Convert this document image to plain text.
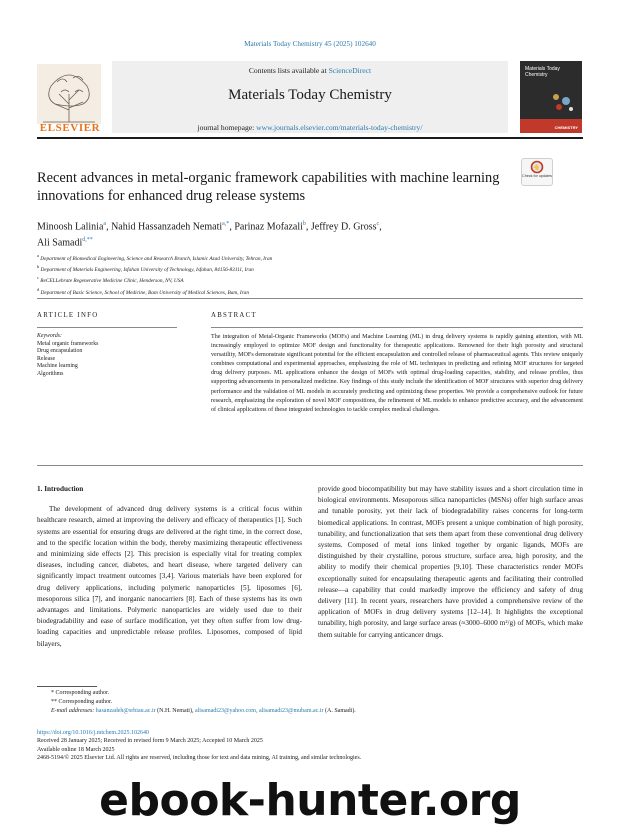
Materials Today Chemistry 45 (2025) 102640
ELSEVIER
Contents lists available at ScienceDirect
Materials Today Chemistry
journal homepage: www.journals.elsevier.com/materials-today-chemistry/
Materials Today Chemistry
CHEMISTRY
Recent advances in metal-organic framework capabilities with machine learning innovations for enhanced drug release systems
Check for updates
Minoosh Lalinia$^a$, Nahid Hassanzadeh Nemati$^{a,*}$, Parinaz Mofazali$^b$, Jeffrey D. Gross$^c$,
Ali Samadi$^{d,**}$
$^a$ Department of Biomedical Engineering, Science and Research Branch, Islamic Azad University, Tehran, Iran
$^b$ Department of Materials Engineering, Isfahan University of Technology, Isfahan, 84156-83111, Iran
$^c$ ReCELLebrate Regenerative Medicine Clinic, Henderson, NV, USA
$^d$ Department of Basic Science, School of Medicine, Bam University of Medical Sciences, Bam, Iran
ARTICLE INFO	ABSTRACT
Keywords:
Metal organic frameworks
Drug encapsulation
Release
Machine learning
Algorithms
The integration of Metal-Organic Frameworks (MOFs) and Machine Learning (ML) in drug delivery systems is rapidly gaining attention, with ML increasingly employed to optimize MOF design and functionality for therapeutic applications. Renowned for their high porosity and structural versatility, MOFs demonstrate significant potential for the efficient encapsulation and controlled release of pharmaceutical agents. This review uniquely combines computational and experimental approaches, emphasizing the role of ML techniques in predicting and refining MOF structures for targeted drug delivery purposes. ML applications enhance the design of MOFs with optimal drug-loading capacities, stability, and release profiles, thus supporting advancements in personalized medicine. Key findings of this study include the identification of MOF structures with superior drug delivery performance and the validation of ML models in accurately predicting and optimizing these properties. We provide a comprehensive outlook for future research, emphasizing the exploration of novel MOF compositions, the refinement of ML models to enhance predictive accuracy, and the advancement of clinical applications of these integrated technologies to tackle complex medical challenges.
1. Introduction

The development of advanced drug delivery systems is a critical focus within healthcare research, aimed at improving the delivery and efficacy of therapeutics [1]. Such systems are essential for ensuring drugs are delivered at the right time, in the correct dose, and to the specific location within the body, thereby maximizing therapeutic effectiveness and minimizing side effects [2]. This precision is especially vital for treating complex diseases, including cancer, diabetes, and heart disease, where targeted delivery can significantly impact treatment outcomes [3,4]. Various materials have been explored for drug delivery applications, including polymeric nanoparticles [5], liposomes [6], mesoporous silica [7], and inorganic nanocarriers [8]. Each of these systems has its own advantages and limitations. Polymeric nanoparticles are widely used due to their biodegradability and ease of surface modification, yet they often suffer from low drug-loading capacities and unpredictable release profiles. Liposomes, composed of lipid bilayers,

provide good biocompatibility but may have stability issues and a short circulation time in biological environments. Mesoporous silica nanoparticles (MSNs) offer high surface areas and tunable porosity, yet their lack of biodegradability raises concerns for long-term biomedical applications. In contrast, MOFs present a unique combination of high porosity, tunability, and functionalization that sets them apart from these conventional drug delivery systems. Composed of metal ions linked together by organic ligands, MOFs are distinguished by their crystalline, porous structure, surface area, high porosity, and the ability to modify their chemical properties [9,10]. These characteristics render MOFs exceptionally suited for encapsulating therapeutic agents and facilitating their controlled release—a capability that could markedly improve the efficiency and safety of drug delivery [11]. In recent years, researchers have provided a comprehensive review of the application of MOFs in drug delivery systems [12–14]. It highlights the exceptional tunability, high porosity, and large surface areas (≈3000–6000 m²/g) of MOFs, which make them suitable for carrying anticancer drugs.

* Corresponding author.
** Corresponding author.
E-mail addresses: hasanzadeh@srbiau.ac.ir (N.H. Nemati), alisamadi23@yahoo.com, alisamadi23@mubam.ac.ir (A. Samadi).
https://doi.org/10.1016/j.mtchem.2025.102640
Received 28 January 2025; Received in revised form 9 March 2025; Accepted 10 March 2025
Available online 18 March 2025
2468-5194/© 2025 Elsevier Ltd. All rights are reserved, including those for text and data mining, AI training, and similar technologies.
ebook-hunter.org
